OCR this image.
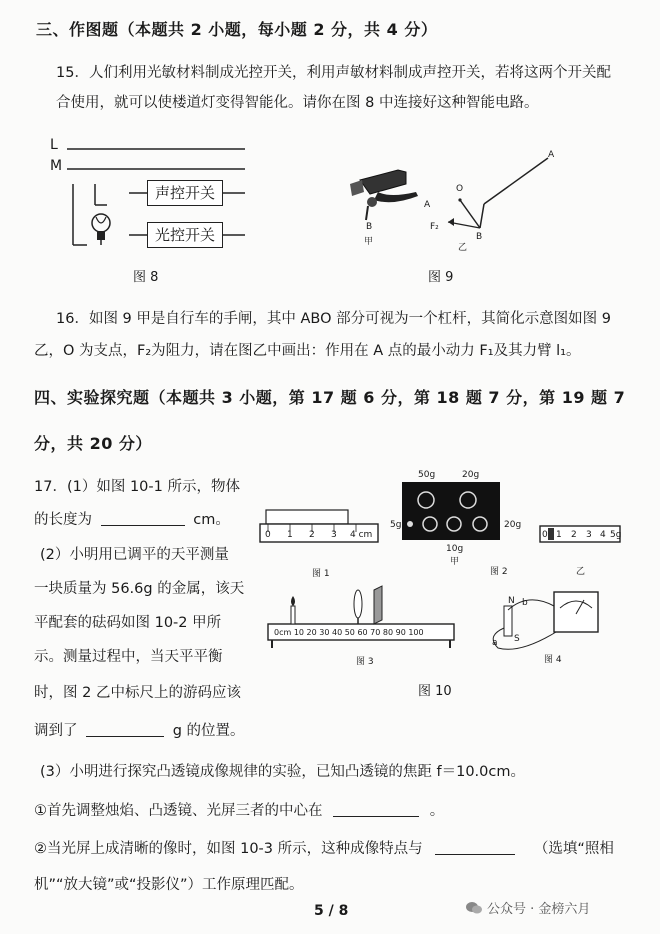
三、作图题（本题共 2 小题，每小题 2 分，共 4 分）
15．人们利用光敏材料制成光控开关，利用声敏材料制成声控开关，若将这两个开关配
合使用，就可以使楼道灯变得智能化。请你在图 8 中连接好这种智能电路。
L
M
声控开关
光控开关
图 8
A
A
B
甲
O
F₂
B
乙
图 9
16．如图 9 甲是自行车的手闸，其中 ABO 部分可视为一个杠杆，其简化示意图如图 9
乙，O 为支点，F₂为阻力，请在图乙中画出：作用在 A 点的最小动力 F₁及其力臂 l₁。
四、实验探究题（本题共 3 小题，第 17 题 6 分，第 18 题 7 分，第 19 题 7
分，共 20 分）
17．(1）如图 10-1 所示，物体
的长度为	cm。
(2）小明用已调平的天平测量
一块质量为 56.6g 的金属，该天
平配套的砝码如图 10-2 甲所
示。测量过程中，当天平平衡
时，图 2 乙中标尺上的游码应该
调到了	g 的位置。
0 1 2 3 4 cm
图 1
50g	20g
5g	20g
10g
甲
0 1 2 3 4 5g
图 2	乙
0cm 10 20 30 40 50 60 70 80 90 100
图 3
N b
S
a
图 4
图 10
(3）小明进行探究凸透镜成像规律的实验，已知凸透镜的焦距 f＝10.0cm。
①首先调整烛焰、凸透镜、光屏三者的中心在	。
②当光屏上成清晰的像时，如图 10-3 所示，这种成像特点与	（选填“照相
机”“放大镜”或“投影仪”）工作原理匹配。
5 / 8	公众号 · 金榜六月
